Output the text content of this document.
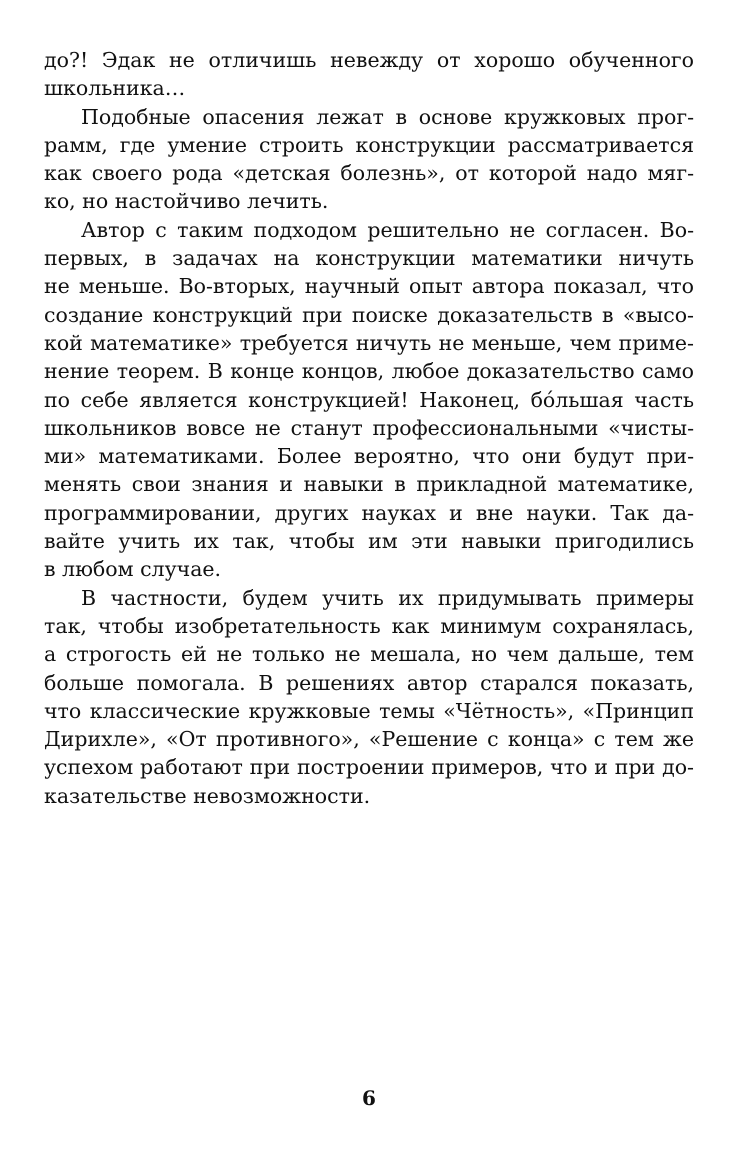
до?! Эдак не отличишь невежду от хорошо обученного
школьника…

Подобные опасения лежат в основе кружковых прог-
рамм, где умение строить конструкции рассматривается
как своего рода «детская болезнь», от которой надо мяг-
ко, но настойчиво лечить.

Автор с таким подходом решительно не согласен. Во-
первых, в задачах на конструкции математики ничуть
не меньше. Во-вторых, научный опыт автора показал, что
создание конструкций при поиске доказательств в «высо-
кой математике» требуется ничуть не меньше, чем приме-
нение теорем. В конце концов, любое доказательство само
по себе является конструкцией! Наконец, бóльшая часть
школьников вовсе не станут профессиональными «чисты-
ми» математиками. Более вероятно, что они будут при-
менять свои знания и навыки в прикладной математике,
программировании, других науках и вне науки. Так да-
вайте учить их так, чтобы им эти навыки пригодились
в любом случае.

В частности, будем учить их придумывать примеры
так, чтобы изобретательность как минимум сохранялась,
а строгость ей не только не мешала, но чем дальше, тем
больше помогала. В решениях автор старался показать,
что классические кружковые темы «Чётность», «Принцип
Дирихле», «От противного», «Решение с конца» с тем же
успехом работают при построении примеров, что и при до-
казательстве невозможности.

6
